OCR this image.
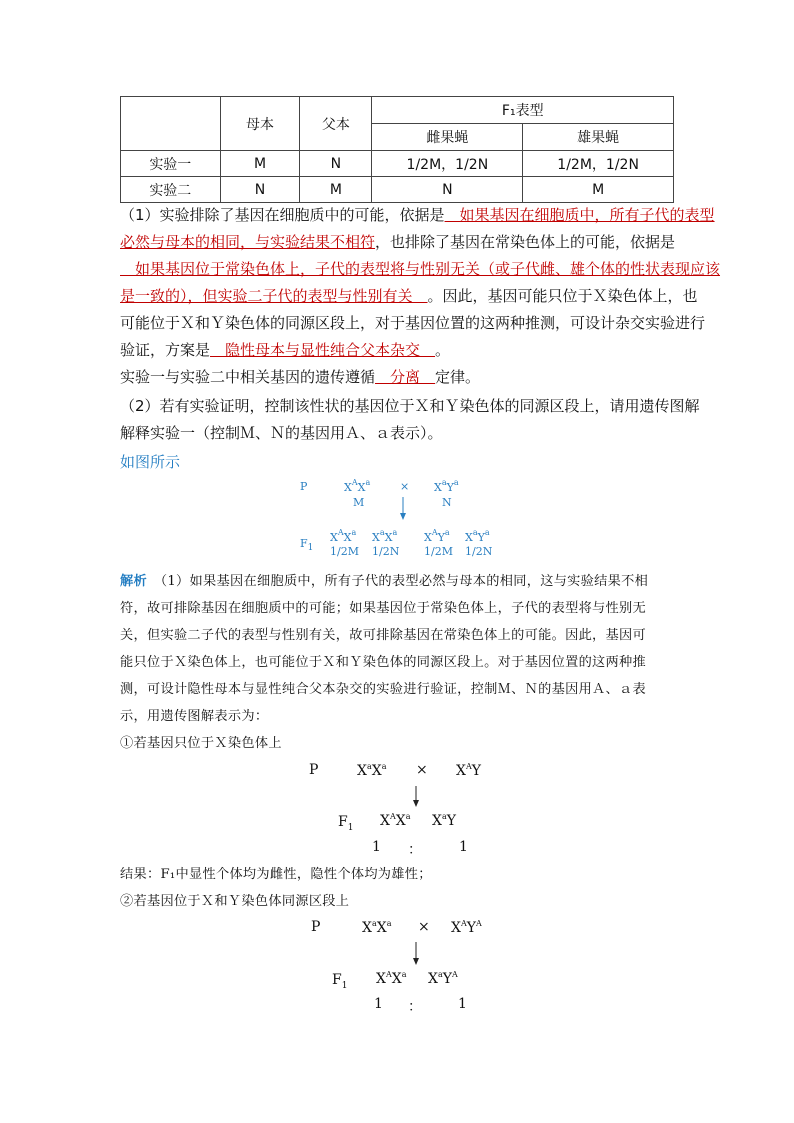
	母本	父本	F₁表型	
			雌果蝇	雄果蝇
实验一	M	N	1/2M，1/2N	1/2M，1/2N
实验二	N	M	N	M
（1）实验排除了基因在细胞质中的可能，依据是　如果基因在细胞质中，所有子代的表型
必然与母本的相同，与实验结果不相符，也排除了基因在常染色体上的可能，依据是
　如果基因位于常染色体上，子代的表型将与性别无关（或子代雌、雄个体的性状表现应该
是一致的），但实验二子代的表型与性别有关　。因此，基因可能只位于Ｘ染色体上，也
可能位于Ｘ和Ｙ染色体的同源区段上，对于基因位置的这两种推测，可设计杂交实验进行
验证，方案是　隐性母本与显性纯合父本杂交　。
实验一与实验二中相关基因的遗传遵循　分离　定律。
（2）若有实验证明，控制该性状的基因位于Ｘ和Ｙ染色体的同源区段上，请用遗传图解
解释实验一（控制Ｍ、Ｎ的基因用Ａ、ａ表示）。
如图所示
P	$X^AX^a$	× $X^aY^a$
M	N
$F_1$
$X^AX^a$ $X^aX^a$ $X^AY^a$ $X^aY^a$
1/2M 1/2N 1/2M 1/2N
解析　（1）如果基因在细胞质中，所有子代的表型必然与母本的相同，这与实验结果不相
符，故可排除基因在细胞质中的可能；如果基因位于常染色体上，子代的表型将与性别无
关，但实验二子代的表型与性别有关，故可排除基因在常染色体上的可能。因此，基因可
能只位于Ｘ染色体上，也可能位于Ｘ和Ｙ染色体的同源区段上。对于基因位置的这两种推
测，可设计隐性母本与显性纯合父本杂交的实验进行验证，控制Ｍ、Ｎ的基因用Ａ、ａ表
示，用遗传图解表示为：
①若基因只位于Ｘ染色体上
P	$X^aX^a \times X^AY$
$F_1$ $X^AX^a$ $X^aY$
1 ：	1
结果：F₁中显性个体均为雌性，隐性个体均为雄性；
②若基因位于Ｘ和Ｙ染色体同源区段上
P	$X^aX^a \times X^AY^A$
$F_1$ $X^AX^a$ $X^aY^A$
1 ：	1
